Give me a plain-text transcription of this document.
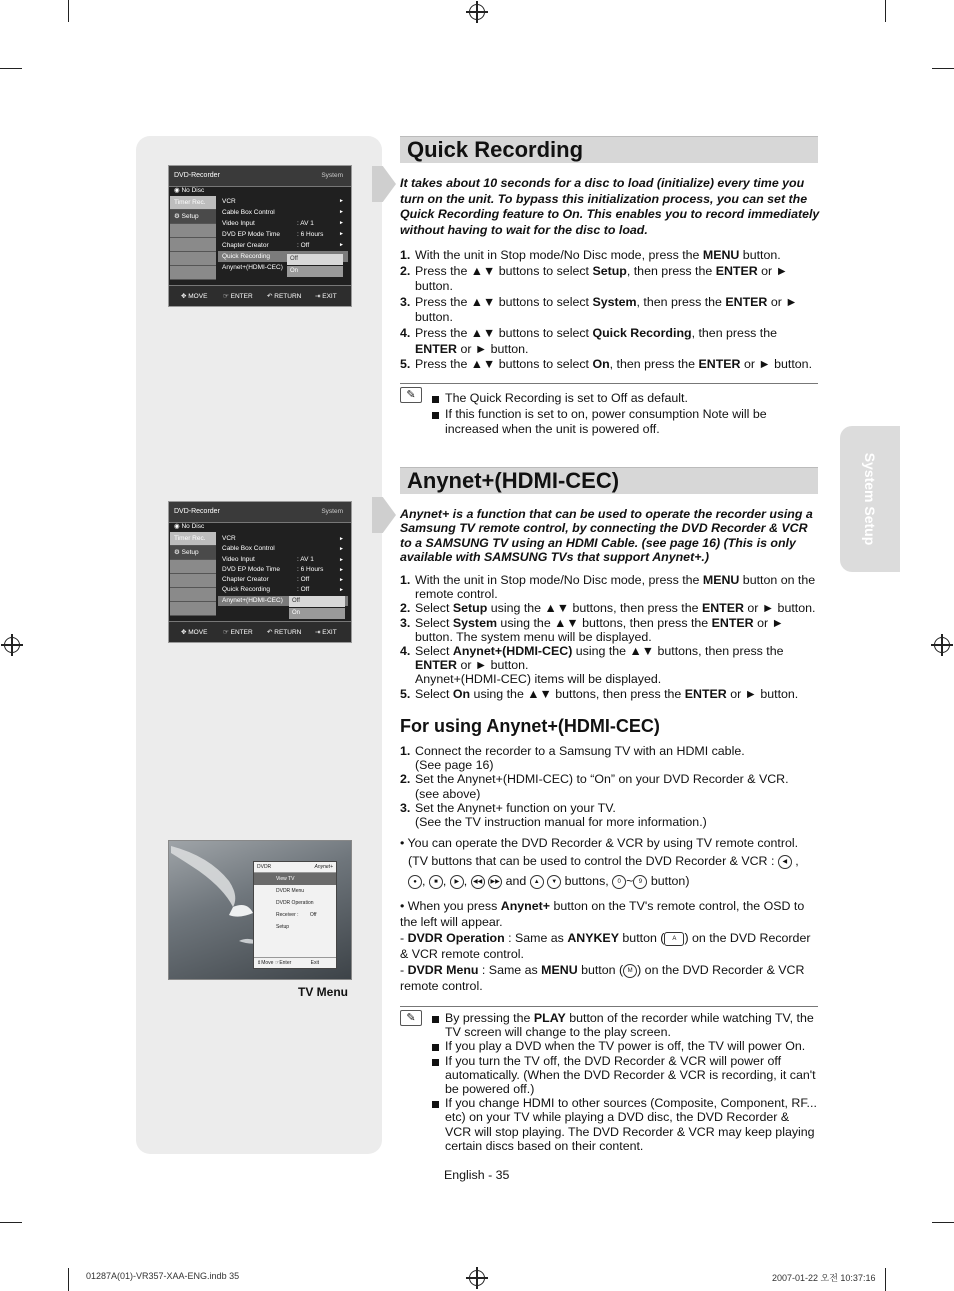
DVD-Recorder	System
◉ No Disc
Timer Rec.
⚙ Setup
VCR	►
Cable Box Control	►
Video Input	: AV 1	►
DVD EP Mode Time	: 6 Hours	►
Chapter Creator	: Off	►
Quick Recording
Anynet+(HDMI-CEC)
Off
On
✥ MOVE ☞ ENTER ↶ RETURN ⇥ EXIT
DVD-Recorder	System
◉ No Disc
Timer Rec.
⚙ Setup
VCR	►
Cable Box Control	►
Video Input	: AV 1	►
DVD EP Mode Time	: 6 Hours	►
Chapter Creator	: Off	►
Quick Recording	: Off	►
Anynet+(HDMI-CEC)	Off
On
✥ MOVE ☞ ENTER ↶ RETURN ⇥ EXIT
DVDR	Anynet+
View TV
DVDR Menu
DVDR Operation
Receiver : Off
Setup
⇕Move ☞Enter	Exit
TV Menu
System Setup
Quick Recording
It takes about 10 seconds for a disc to load (initialize) every time you turn on the unit. To bypass this initialization process, you can set the Quick Recording feature to On. This enables you to record immediately without having to wait for the disc to load.
1. With the unit in Stop mode/No Disc mode, press the MENU button.
2. Press the ▲▼ buttons to select Setup, then press the ENTER or ► button.
3. Press the ▲▼ buttons to select System, then press the ENTER or ► button.
4. Press the ▲▼ buttons to select Quick Recording, then press the ENTER or ► button.
5. Press the ▲▼ buttons to select On, then press the ENTER or ► button.
✎	The Quick Recording is set to Off as default.
If this function is set to on, power consumption Note will be increased when the unit is powered off.
Anynet+(HDMI-CEC)
Anynet+ is a function that can be used to operate the recorder using a Samsung TV remote control, by connecting the DVD Recorder & VCR to a SAMSUNG TV using an HDMI Cable. (see page 16) (This is only available with SAMSUNG TVs that support Anynet+.)
1. With the unit in Stop mode/No Disc mode, press the MENU button on the remote control.
2. Select Setup using the ▲▼ buttons, then press the ENTER or ► button.
3. Select System using the ▲▼ buttons, then press the ENTER or ► button. The system menu will be displayed.
4. Select Anynet+(HDMI-CEC) using the ▲▼ buttons, then press the ENTER or ► button.
Anynet+(HDMI-CEC) items will be displayed.
5. Select On using the ▲▼ buttons, then press the ENTER or ► button.
For using Anynet+(HDMI-CEC)
1. Connect the recorder to a Samsung TV with an HDMI cable.
(See page 16)
2. Set the Anynet+(HDMI-CEC) to “On” on your DVD Recorder & VCR.
(see above)
3. Set the Anynet+ function on your TV.
(See the TV instruction manual for more information.)
• You can operate the DVD Recorder & VCR by using TV remote control.
(TV buttons that can be used to control the DVD Recorder & VCR : ◀ ,
● , ■ , ▶ , ◀◀ ▶▶ and ▲ ▼ buttons, 0 ~ 9 button)
• When you press Anynet+ button on the TV's remote control, the OSD to the left will appear.
- DVDR Operation : Same as ANYKEY button ( A ) on the DVD Recorder & VCR remote control.
- DVDR Menu : Same as MENU button ( M ) on the DVD Recorder & VCR remote control.
✎	By pressing the PLAY button of the recorder while watching TV, the TV screen will change to the play screen.
If you play a DVD when the TV power is off, the TV will power On.
If you turn the TV off, the DVD Recorder & VCR will power off automatically. (When the DVD Recorder & VCR is recording, it can't be powered off.)
If you change HDMI to other sources (Composite, Component, RF... etc) on your TV while playing a DVD disc, the DVD Recorder & VCR will stop playing. The DVD Recorder & VCR may keep playing certain discs based on their content.
English - 35
01287A(01)-VR357-XAA-ENG.indb 35	2007-01-22 오전 10:37:16
